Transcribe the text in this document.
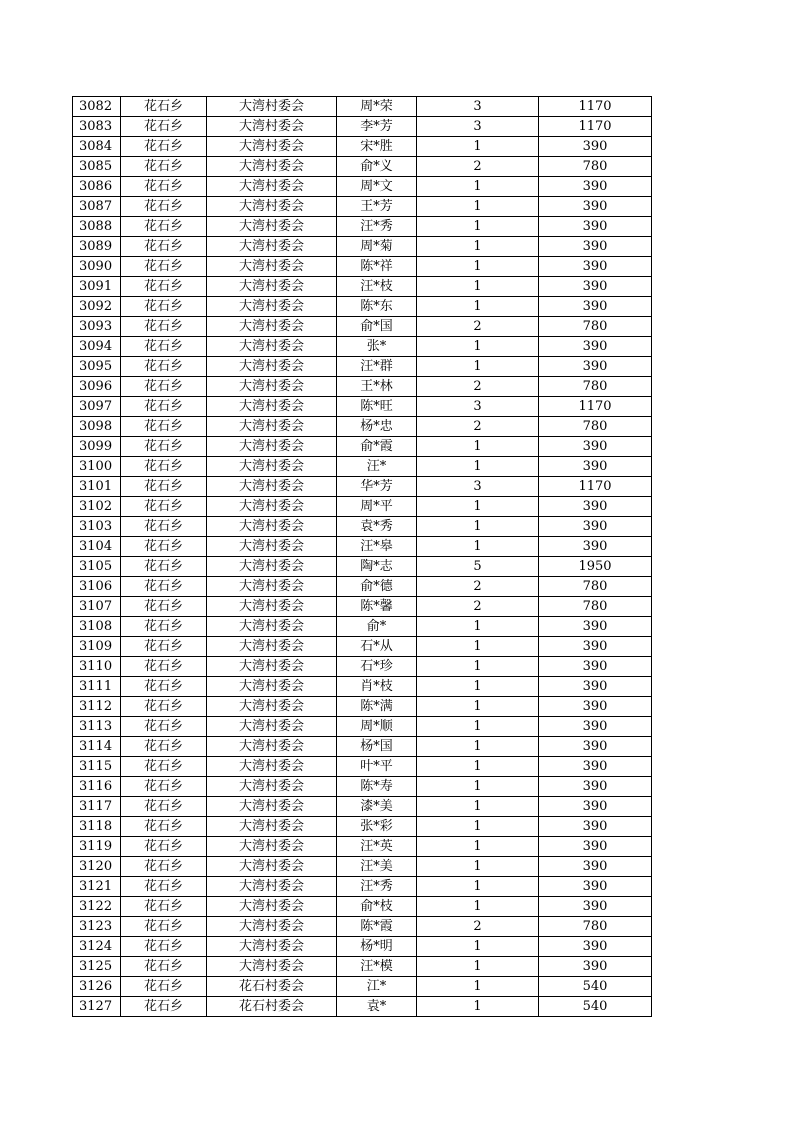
3082	花石乡	大湾村委会	周*荣	3	1170
3083	花石乡	大湾村委会	李*芳	3	1170
3084	花石乡	大湾村委会	宋*胜	1	390
3085	花石乡	大湾村委会	俞*义	2	780
3086	花石乡	大湾村委会	周*文	1	390
3087	花石乡	大湾村委会	王*芳	1	390
3088	花石乡	大湾村委会	汪*秀	1	390
3089	花石乡	大湾村委会	周*菊	1	390
3090	花石乡	大湾村委会	陈*祥	1	390
3091	花石乡	大湾村委会	汪*枝	1	390
3092	花石乡	大湾村委会	陈*东	1	390
3093	花石乡	大湾村委会	俞*国	2	780
3094	花石乡	大湾村委会	张*	1	390
3095	花石乡	大湾村委会	汪*群	1	390
3096	花石乡	大湾村委会	王*林	2	780
3097	花石乡	大湾村委会	陈*旺	3	1170
3098	花石乡	大湾村委会	杨*忠	2	780
3099	花石乡	大湾村委会	俞*霞	1	390
3100	花石乡	大湾村委会	汪*	1	390
3101	花石乡	大湾村委会	华*芳	3	1170
3102	花石乡	大湾村委会	周*平	1	390
3103	花石乡	大湾村委会	袁*秀	1	390
3104	花石乡	大湾村委会	汪*皋	1	390
3105	花石乡	大湾村委会	陶*志	5	1950
3106	花石乡	大湾村委会	俞*德	2	780
3107	花石乡	大湾村委会	陈*馨	2	780
3108	花石乡	大湾村委会	俞*	1	390
3109	花石乡	大湾村委会	石*从	1	390
3110	花石乡	大湾村委会	石*珍	1	390
3111	花石乡	大湾村委会	肖*枝	1	390
3112	花石乡	大湾村委会	陈*满	1	390
3113	花石乡	大湾村委会	周*顺	1	390
3114	花石乡	大湾村委会	杨*国	1	390
3115	花石乡	大湾村委会	叶*平	1	390
3116	花石乡	大湾村委会	陈*寿	1	390
3117	花石乡	大湾村委会	漆*美	1	390
3118	花石乡	大湾村委会	张*彩	1	390
3119	花石乡	大湾村委会	汪*英	1	390
3120	花石乡	大湾村委会	汪*美	1	390
3121	花石乡	大湾村委会	汪*秀	1	390
3122	花石乡	大湾村委会	俞*枝	1	390
3123	花石乡	大湾村委会	陈*霞	2	780
3124	花石乡	大湾村委会	杨*明	1	390
3125	花石乡	大湾村委会	汪*模	1	390
3126	花石乡	花石村委会	江*	1	540
3127	花石乡	花石村委会	袁*	1	540
